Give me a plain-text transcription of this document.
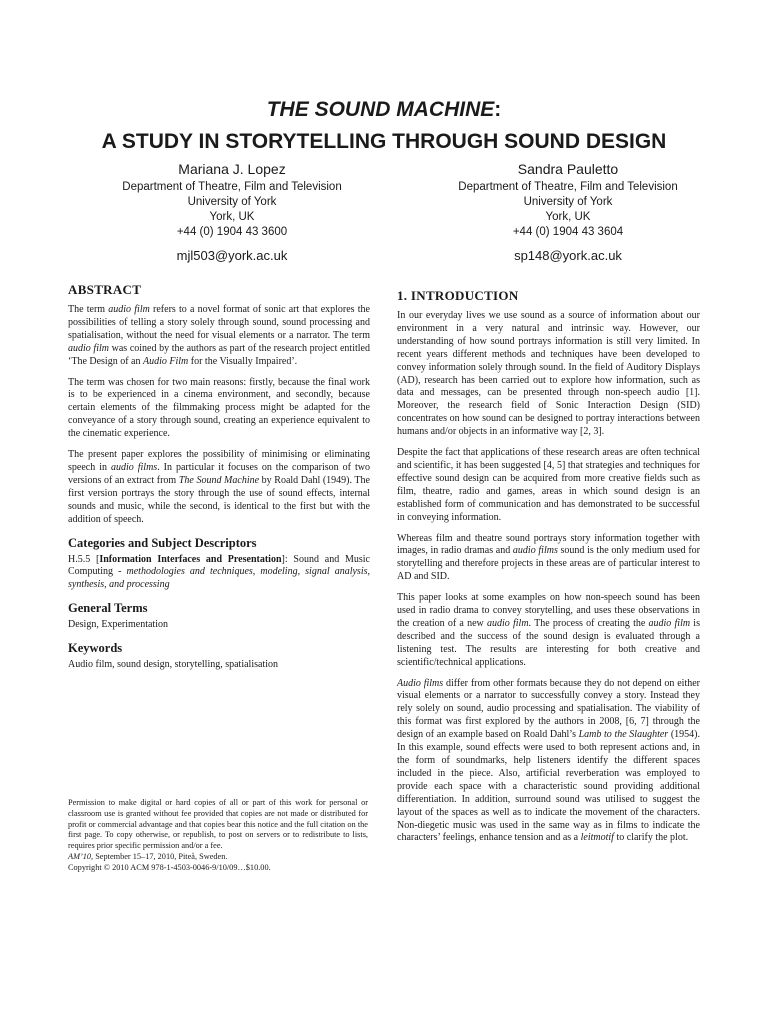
THE SOUND MACHINE:
A STUDY IN STORYTELLING THROUGH SOUND DESIGN
Mariana J. Lopez
Department of Theatre, Film and Television
University of York
York, UK
+44 (0) 1904 43 3600
mjl503@york.ac.uk
Sandra Pauletto
Department of Theatre, Film and Television
University of York
York, UK
+44 (0) 1904 43 3604
sp148@york.ac.uk
ABSTRACT

The term audio film refers to a novel format of sonic art that explores the possibilities of telling a story solely through sound, sound processing and spatialisation, without the need for visual elements or a narrator. The term audio film was coined by the authors as part of the research project entitled ‘The Design of an Audio Film for the Visually Impaired’.

The term was chosen for two main reasons: firstly, because the final work is to be experienced in a cinema environment, and secondly, because certain elements of the filmmaking process might be adapted for the conveyance of a story through sound, creating an experience equivalent to the cinematic experience.

The present paper explores the possibility of minimising or eliminating speech in audio films. In particular it focuses on the comparison of two versions of an extract from The Sound Machine by Roald Dahl (1949). The first version portrays the story through the use of sound effects, internal sounds and music, while the second, is identical to the first but with the addition of speech.

Categories and Subject Descriptors

H.5.5 [Information Interfaces and Presentation]: Sound and Music Computing - methodologies and techniques, modeling, signal analysis, synthesis, and processing

General Terms

Design, Experimentation

Keywords

Audio film, sound design, storytelling, spatialisation

Permission to make digital or hard copies of all or part of this work for personal or classroom use is granted without fee provided that copies are not made or distributed for profit or commercial advantage and that copies bear this notice and the full citation on the first page. To copy otherwise, or republish, to post on servers or to redistribute to lists, requires prior specific permission and/or a fee.

AM’10, September 15–17, 2010, Piteå, Sweden.

Copyright © 2010 ACM 978-1-4503-0046-9/10/09…$10.00.

1. INTRODUCTION

In our everyday lives we use sound as a source of information about our environment in a very natural and intrinsic way. However, our understanding of how sound portrays information is still very limited. In recent years different methods and techniques have been developed to convey information solely through sound. In the field of Auditory Displays (AD), research has been carried out to explore how information, such as data and messages, can be presented through non-speech audio [1]. Moreover, the research field of Sonic Interaction Design (SID) concentrates on how sound can be designed to portray interactions between humans and/or objects in an informative way [2, 3].

Despite the fact that applications of these research areas are often technical and scientific, it has been suggested [4, 5] that strategies and techniques for effective sound design can be acquired from more creative fields such as film, theatre, radio and games, areas in which sound design is an established form of communication and has demonstrated to be successful in conveying information.

Whereas film and theatre sound portrays story information together with images, in radio dramas and audio films sound is the only medium used for storytelling and therefore projects in these areas are of particular interest to AD and SID.

This paper looks at some examples on how non-speech sound has been used in radio drama to convey storytelling, and uses these observations in the creation of a new audio film. The process of creating the audio film is described and the success of the sound design is evaluated through a listening test. The results are interesting for both creative and scientific/technical applications.

Audio films differ from other formats because they do not depend on either visual elements or a narrator to successfully convey a story. Instead they rely solely on sound, audio processing and spatialisation. The viability of this format was first explored by the authors in 2008, [6, 7] through the design of an example based on Roald Dahl’s Lamb to the Slaughter (1954). In this example, sound effects were used to both represent actions and, in the form of soundmarks, help listeners identify the different spaces included in the piece. Also, artificial reverberation was employed to provide each space with a characteristic sound providing additional differentiation. In addition, surround sound was utilised to suggest the layout of the spaces as well as to indicate the movement of the characters. Non-diegetic music was used in the same way as in films to indicate the characters’ feelings, enhance tension and as a leitmotif to clarify the plot.
